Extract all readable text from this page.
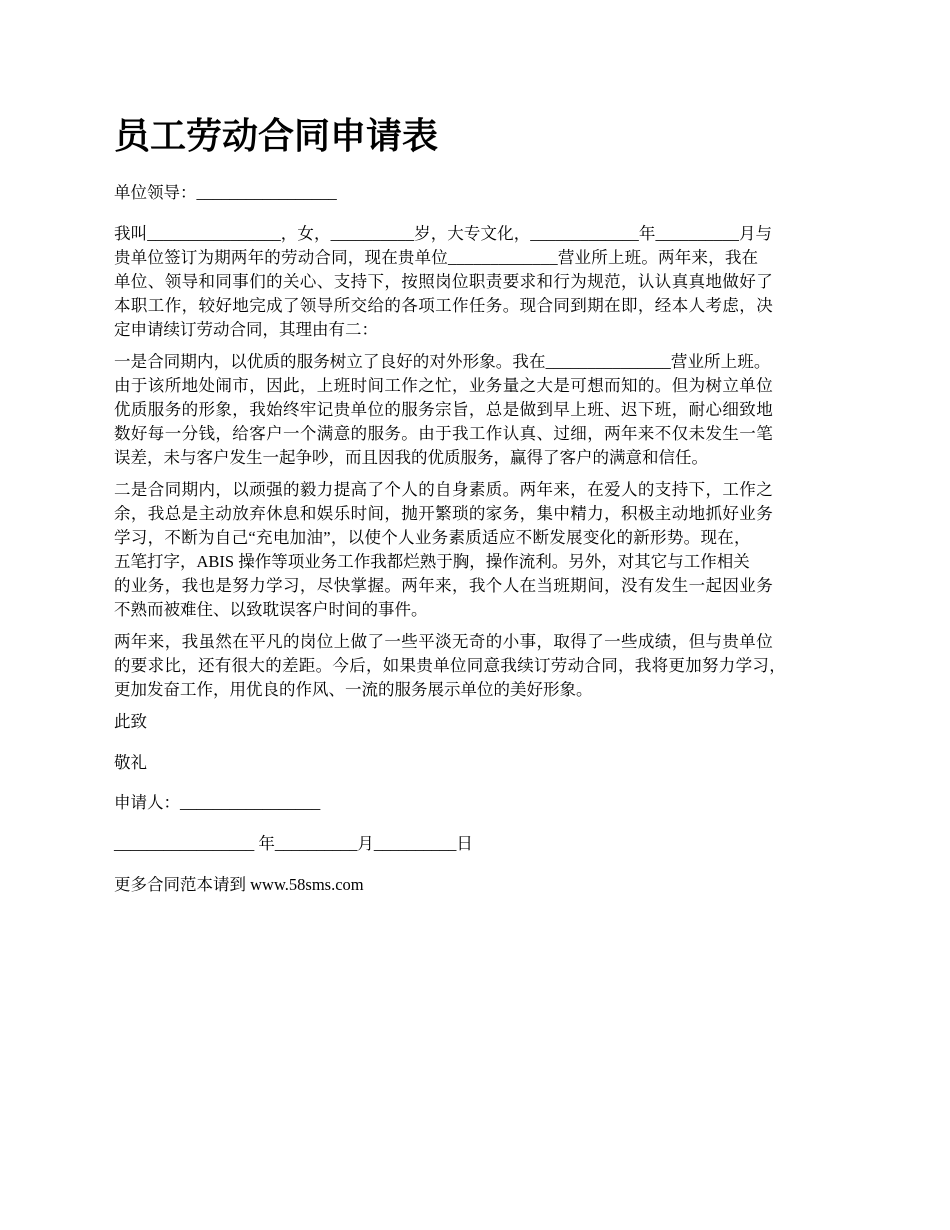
员工劳动合同申请表
单位领导：_________________
我叫________________，女，__________岁，大专文化，_____________年__________月与
贵单位签订为期两年的劳动合同，现在贵单位_____________营业所上班。两年来，我在
单位、领导和同事们的关心、支持下，按照岗位职责要求和行为规范，认认真真地做好了
本职工作，较好地完成了领导所交给的各项工作任务。现合同到期在即，经本人考虑，决
定申请续订劳动合同，其理由有二：
一是合同期内，以优质的服务树立了良好的对外形象。我在_______________营业所上班。
由于该所地处闹市，因此，上班时间工作之忙，业务量之大是可想而知的。但为树立单位
优质服务的形象，我始终牢记贵单位的服务宗旨，总是做到早上班、迟下班，耐心细致地
数好每一分钱，给客户一个满意的服务。由于我工作认真、过细，两年来不仅未发生一笔
误差，未与客户发生一起争吵，而且因我的优质服务，赢得了客户的满意和信任。
二是合同期内，以顽强的毅力提高了个人的自身素质。两年来，在爱人的支持下，工作之
余，我总是主动放弃休息和娱乐时间，抛开繁琐的家务，集中精力，积极主动地抓好业务
学习，不断为自己“充电加油”，以使个人业务素质适应不断发展变化的新形势。现在，
五笔打字，ABIS 操作等项业务工作我都烂熟于胸，操作流利。另外，对其它与工作相关
的业务，我也是努力学习，尽快掌握。两年来，我个人在当班期间，没有发生一起因业务
不熟而被难住、以致耽误客户时间的事件。
两年来，我虽然在平凡的岗位上做了一些平淡无奇的小事，取得了一些成绩，但与贵单位
的要求比，还有很大的差距。今后，如果贵单位同意我续订劳动合同，我将更加努力学习，
更加发奋工作，用优良的作风、一流的服务展示单位的美好形象。
此致
敬礼
申请人：_________________
_________________ 年__________月__________日
更多合同范本请到 www.58sms.com
